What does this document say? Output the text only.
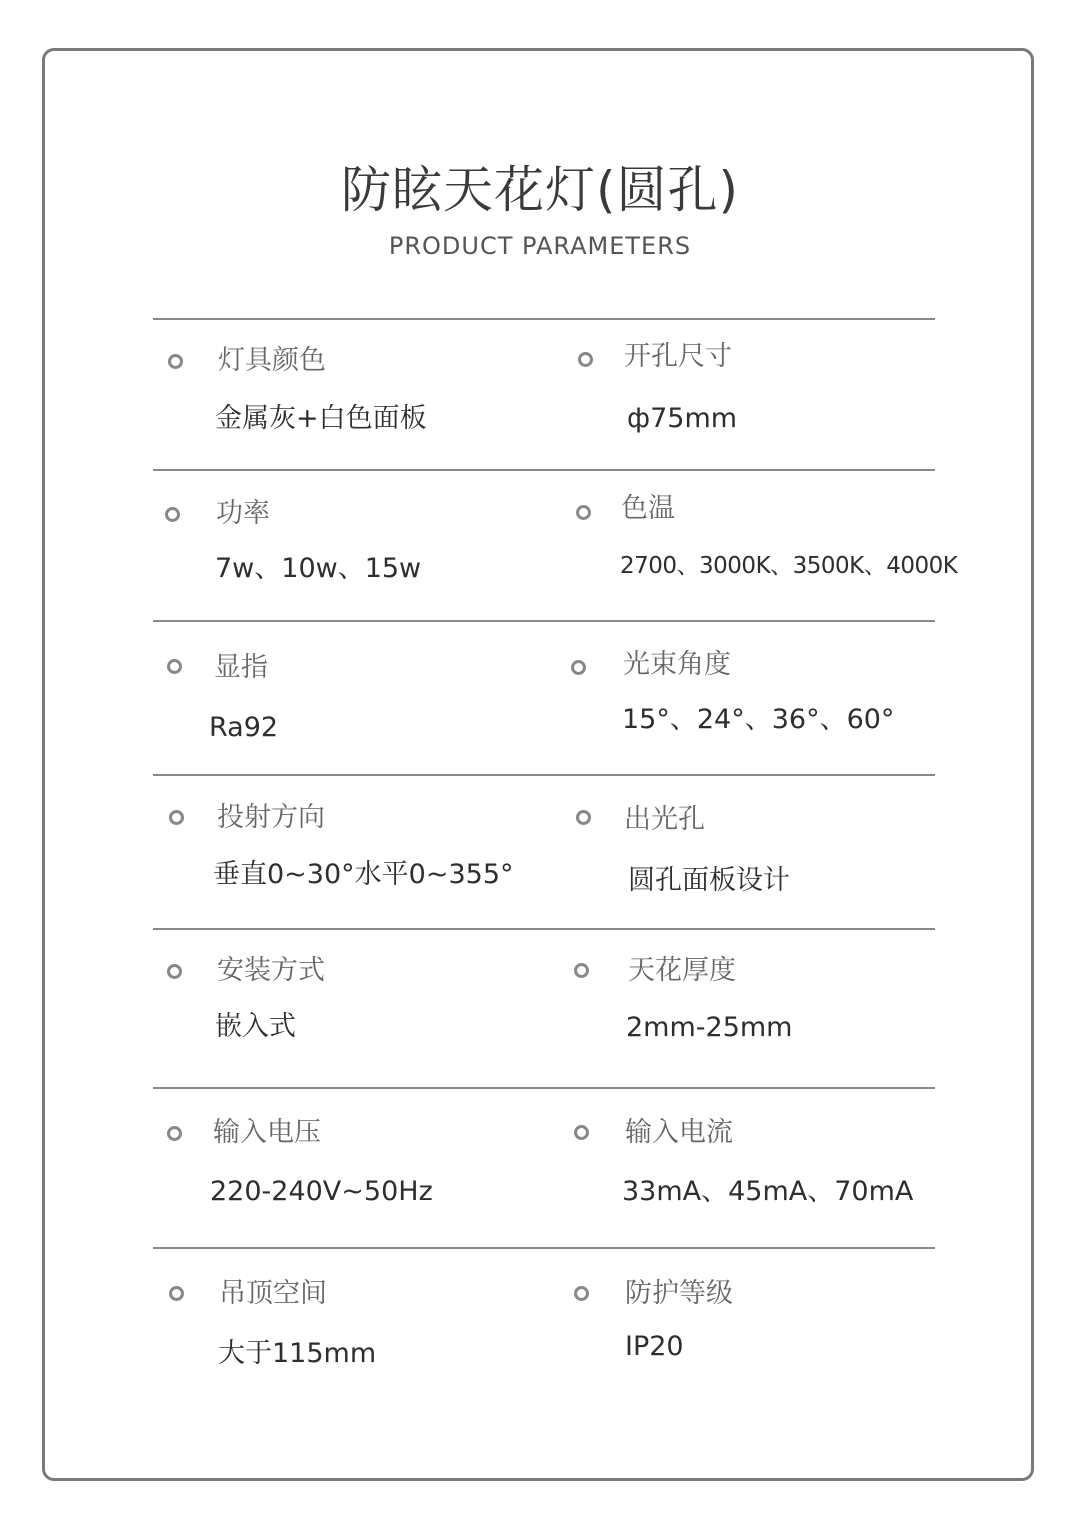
防眩天花灯(圆孔)
PRODUCT PARAMETERS
灯具颜色
金属灰+白色面板
开孔尺寸
ф75mm
功率
7w、10w、15w
色温
2700、3000K、3500K、4000K
显指
Ra92
光束角度
15°、24°、36°、60°
投射方向
垂直0~30°水平0~355°
出光孔
圆孔面板设计
安装方式
嵌入式
天花厚度
2mm-25mm
输入电压
220-240V~50Hz
输入电流
33mA、45mA、70mA
吊顶空间
大于115mm
防护等级
IP20
